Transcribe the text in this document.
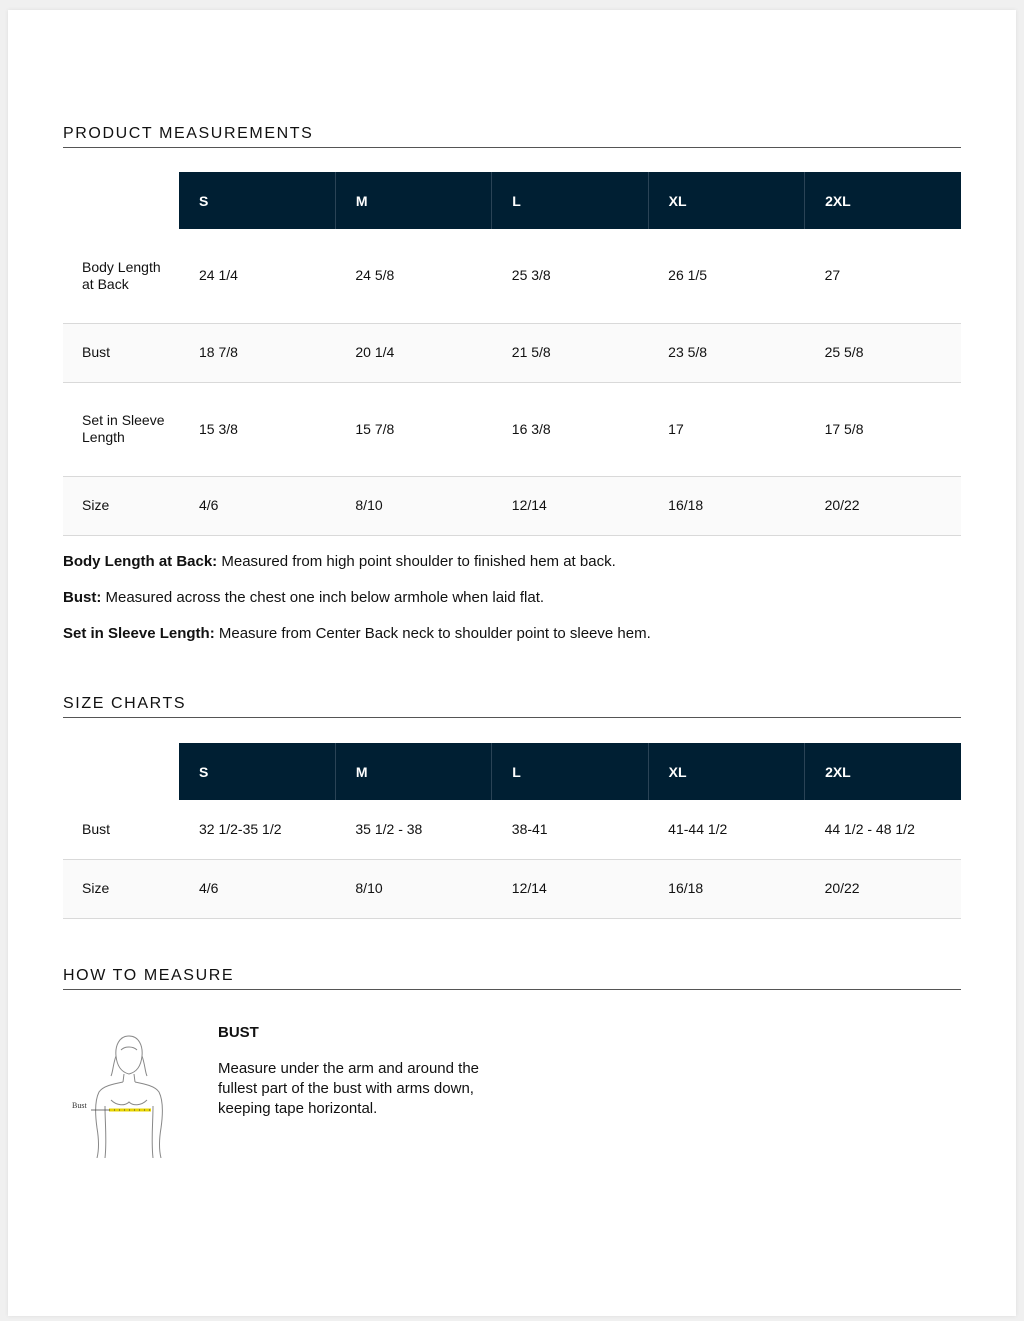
PRODUCT MEASUREMENTS
	S	M	L	XL	2XL
Body Length at Back	24 1/4	24 5/8	25 3/8	26 1/5	27
Bust	18 7/8	20 1/4	21 5/8	23 5/8	25 5/8
Set in Sleeve Length	15 3/8	15 7/8	16 3/8	17	17 5/8
Size	4/6	8/10	12/14	16/18	20/22

Body Length at Back: Measured from high point shoulder to finished hem at back.

Bust: Measured across the chest one inch below armhole when laid flat.

Set in Sleeve Length: Measure from Center Back neck to shoulder point to sleeve hem.

SIZE CHARTS
	S	M	L	XL	2XL
Bust	32 1/2-35 1/2	35 1/2 - 38	38-41	41-44 1/2	44 1/2 - 48 1/2
Size	4/6	8/10	12/14	16/18	20/22
HOW TO MEASURE
Bust

BUST

Measure under the arm and around the fullest part of the bust with arms down, keeping tape horizontal.
